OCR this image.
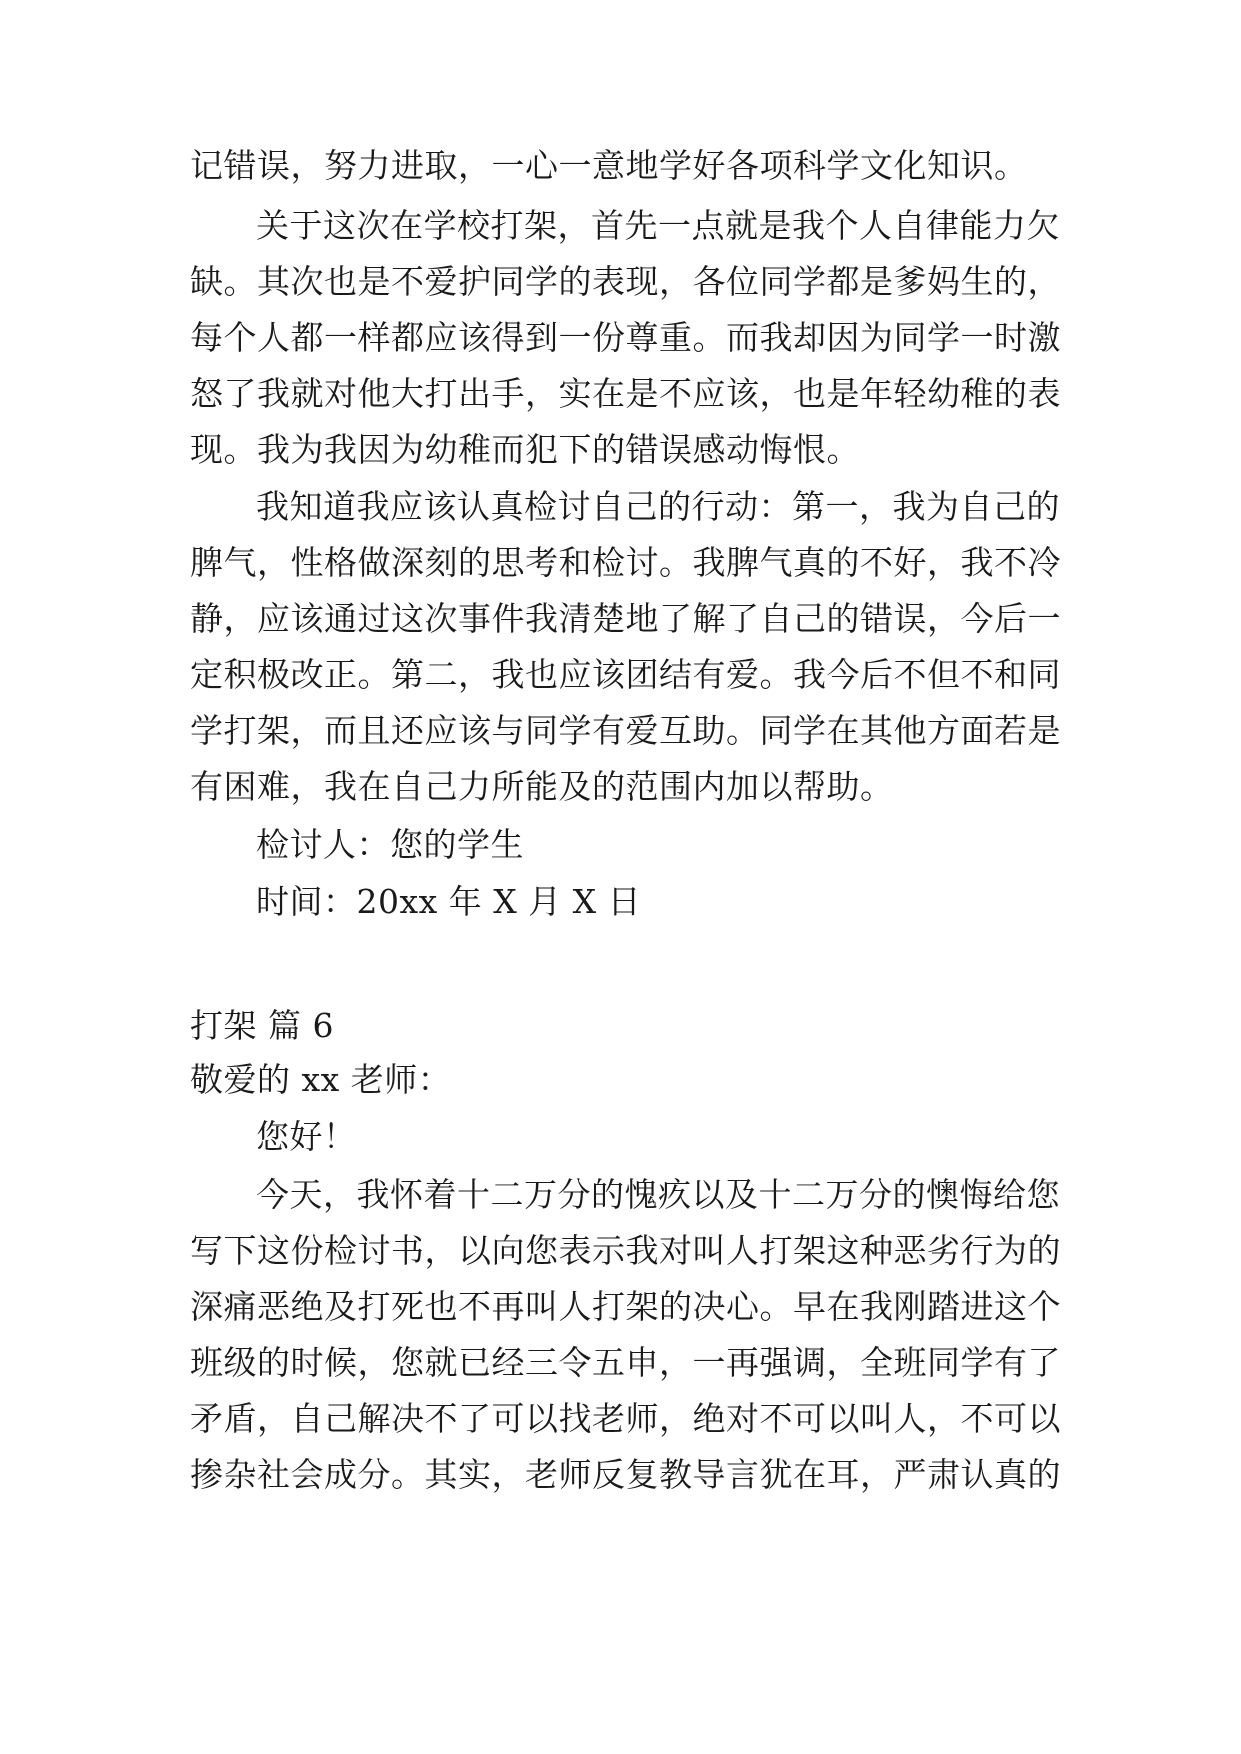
记错误，努力进取，一心一意地学好各项科学文化知识。
关于这次在学校打架，首先一点就是我个人自律能力欠
缺。其次也是不爱护同学的表现，各位同学都是爹妈生的，
每个人都一样都应该得到一份尊重。而我却因为同学一时激
怒了我就对他大打出手，实在是不应该，也是年轻幼稚的表
现。我为我因为幼稚而犯下的错误感动悔恨。
我知道我应该认真检讨自己的行动：第一，我为自己的
脾气，性格做深刻的思考和检讨。我脾气真的不好，我不冷
静，应该通过这次事件我清楚地了解了自己的错误，今后一
定积极改正。第二，我也应该团结有爱。我今后不但不和同
学打架，而且还应该与同学有爱互助。同学在其他方面若是
有困难，我在自己力所能及的范围内加以帮助。
检讨人：您的学生
时间：20xx 年 X 月 X 日
打架 篇 6
敬爱的 xx 老师：
您好！
今天，我怀着十二万分的愧疚以及十二万分的懊悔给您
写下这份检讨书，以向您表示我对叫人打架这种恶劣行为的
深痛恶绝及打死也不再叫人打架的决心。早在我刚踏进这个
班级的时候，您就已经三令五申，一再强调，全班同学有了
矛盾，自己解决不了可以找老师，绝对不可以叫人，不可以
掺杂社会成分。其实，老师反复教导言犹在耳，严肃认真的
